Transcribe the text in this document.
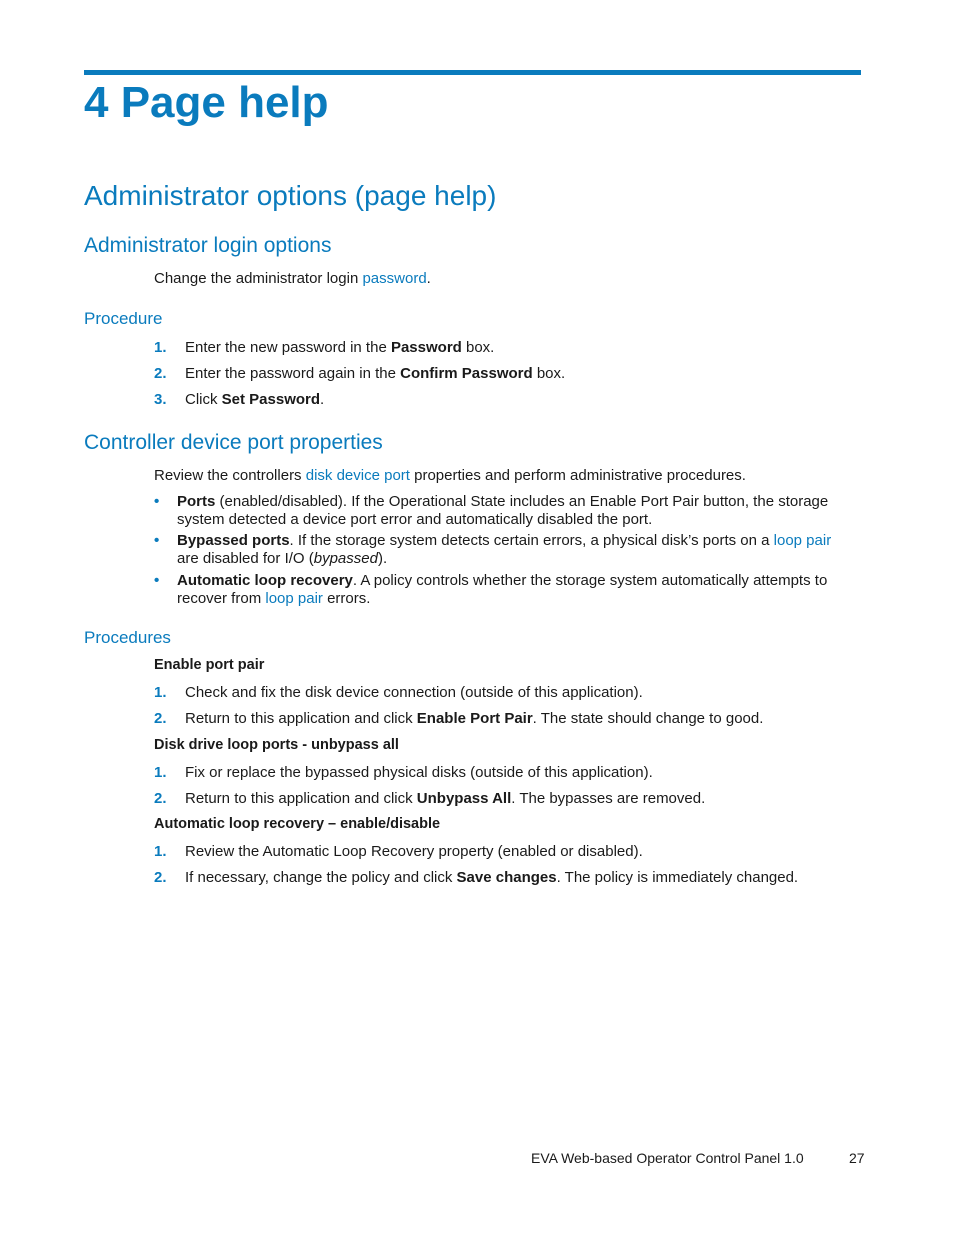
4 Page help
Administrator options (page help)
Administrator login options

Change the administrator login password.

Procedure
1. Enter the new password in the Password box.
2. Enter the password again in the Confirm Password box.
3. Click Set Password.
Controller device port properties

Review the controllers disk device port properties and perform administrative procedures.

• Ports (enabled/disabled). If the Operational State includes an Enable Port Pair button, the storage system detected a device port error and automatically disabled the port.
• Bypassed ports. If the storage system detects certain errors, a physical disk’s ports on a loop pair are disabled for I/O (bypassed).
• Automatic loop recovery. A policy controls whether the storage system automatically attempts to recover from loop pair errors.
Procedures

Enable port pair

1. Check and fix the disk device connection (outside of this application).
2. Return to this application and click Enable Port Pair. The state should change to good.

Disk drive loop ports - unbypass all

1. Fix or replace the bypassed physical disks (outside of this application).
2. Return to this application and click Unbypass All. The bypasses are removed.

Automatic loop recovery – enable/disable

1. Review the Automatic Loop Recovery property (enabled or disabled).
2. If necessary, change the policy and click Save changes. The policy is immediately changed.
EVA Web-based Operator Control Panel 1.0	27
